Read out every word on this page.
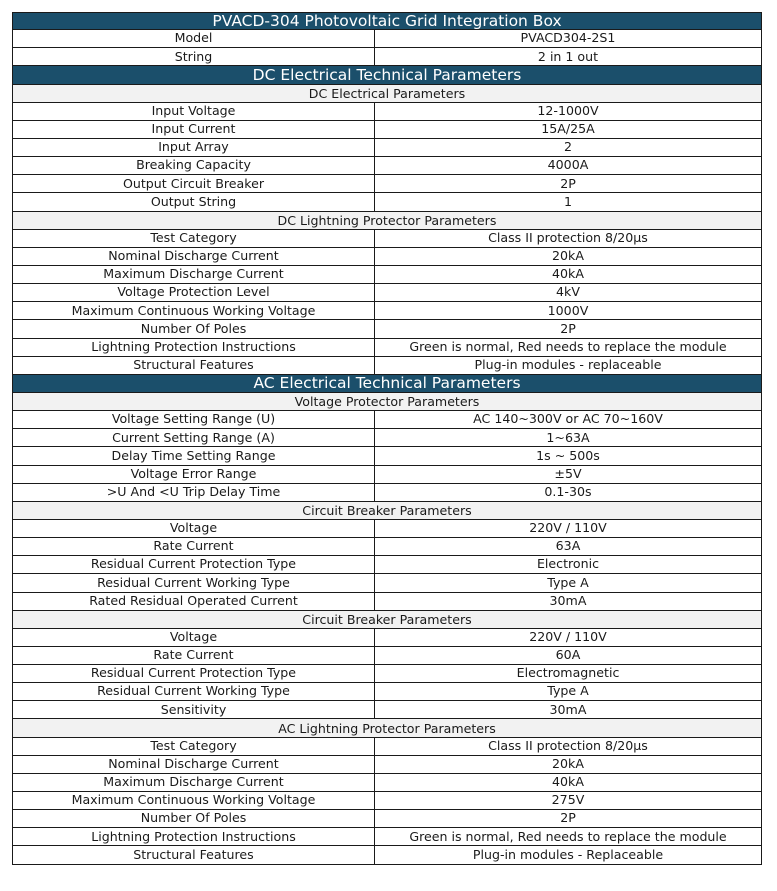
PVACD-304 Photovoltaic Grid Integration Box
Model	PVACD304-2S1
String	2 in 1 out
DC Electrical Technical Parameters
DC Electrical Parameters
Input Voltage	12-1000V
Input Current	15A/25A
Input Array	2
Breaking Capacity	4000A
Output Circuit Breaker	2P
Output String	1
DC Lightning Protector Parameters
Test Category	Class II protection 8/20μs
Nominal Discharge Current	20kA
Maximum Discharge Current	40kA
Voltage Protection Level	4kV
Maximum Continuous Working Voltage	1000V
Number Of Poles	2P
Lightning Protection Instructions	Green is normal, Red needs to replace the module
Structural Features	Plug-in modules - replaceable
AC Electrical Technical Parameters
Voltage Protector Parameters
Voltage Setting Range (U)	AC 140~300V or AC 70~160V
Current Setting Range (A)	1~63A
Delay Time Setting Range	1s ~ 500s
Voltage Error Range	±5V
>U And <U Trip Delay Time	0.1-30s
Circuit Breaker Parameters
Voltage	220V / 110V
Rate Current	63A
Residual Current Protection Type	Electronic
Residual Current Working Type	Type A
Rated Residual Operated Current	30mA
Circuit Breaker Parameters
Voltage	220V / 110V
Rate Current	60A
Residual Current Protection Type	Electromagnetic
Residual Current Working Type	Type A
Sensitivity	30mA
AC Lightning Protector Parameters
Test Category	Class II protection 8/20μs
Nominal Discharge Current	20kA
Maximum Discharge Current	40kA
Maximum Continuous Working Voltage	275V
Number Of Poles	2P
Lightning Protection Instructions	Green is normal, Red needs to replace the module
Structural Features	Plug-in modules - Replaceable
